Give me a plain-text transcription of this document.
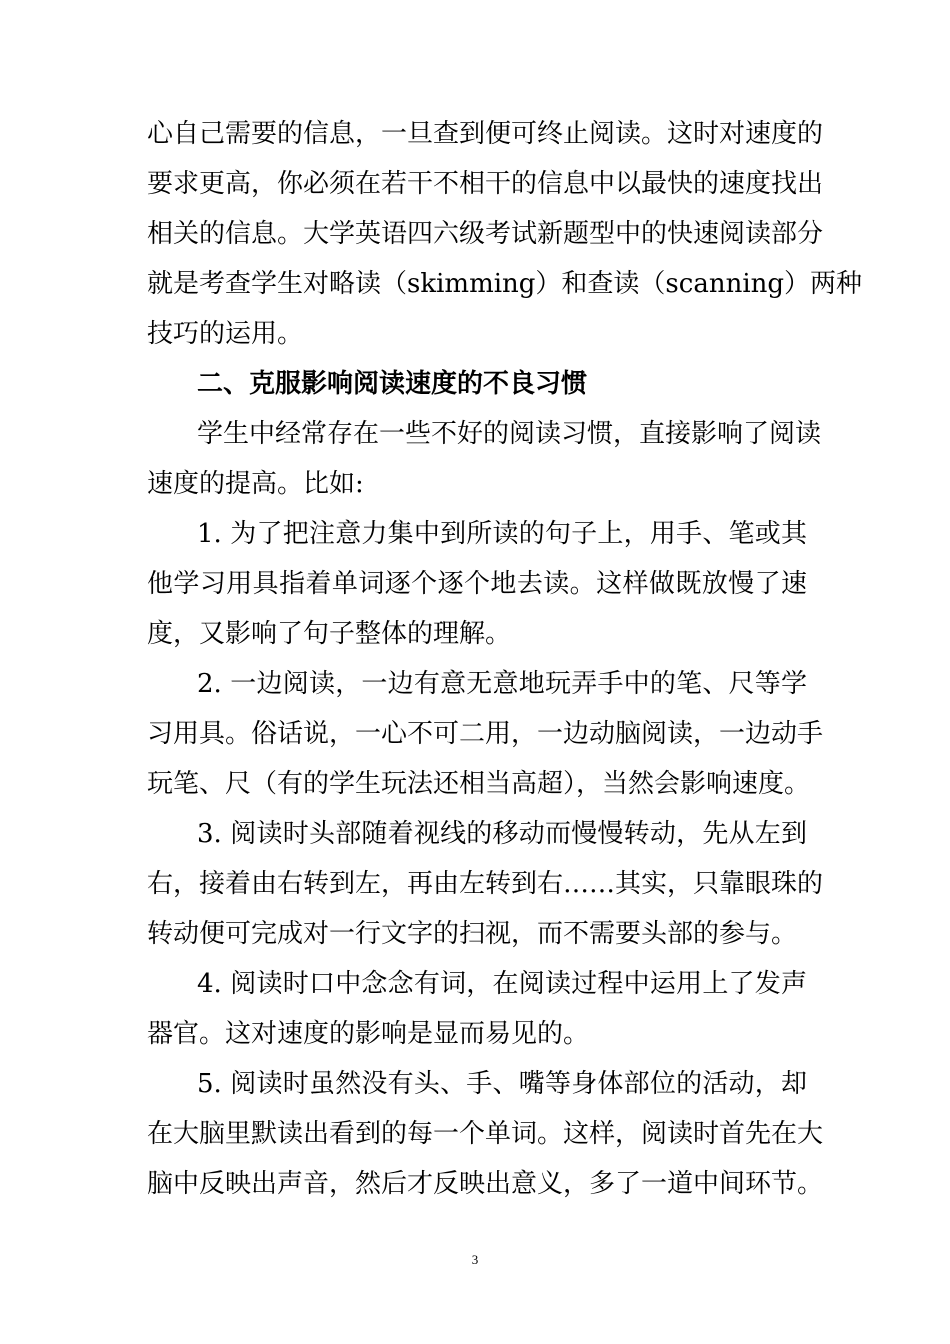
心自己需要的信息，一旦查到便可终止阅读。这时对速度的
要求更高，你必须在若干不相干的信息中以最快的速度找出
相关的信息。大学英语四六级考试新题型中的快速阅读部分
就是考查学生对略读（skimming）和查读（scanning）两种
技巧的运用。
二、克服影响阅读速度的不良习惯
学生中经常存在一些不好的阅读习惯，直接影响了阅读
速度的提高。比如:
1. 为了把注意力集中到所读的句子上，用手、笔或其
他学习用具指着单词逐个逐个地去读。这样做既放慢了速
度，又影响了句子整体的理解。
2. 一边阅读，一边有意无意地玩弄手中的笔、尺等学
习用具。俗话说，一心不可二用，一边动脑阅读，一边动手
玩笔、尺（有的学生玩法还相当高超），当然会影响速度。
3. 阅读时头部随着视线的移动而慢慢转动，先从左到
右，接着由右转到左，再由左转到右……其实，只靠眼珠的
转动便可完成对一行文字的扫视，而不需要头部的参与。
4. 阅读时口中念念有词，在阅读过程中运用上了发声
器官。这对速度的影响是显而易见的。
5. 阅读时虽然没有头、手、嘴等身体部位的活动，却
在大脑里默读出看到的每一个单词。这样，阅读时首先在大
脑中反映出声音，然后才反映出意义，多了一道中间环节。
3
